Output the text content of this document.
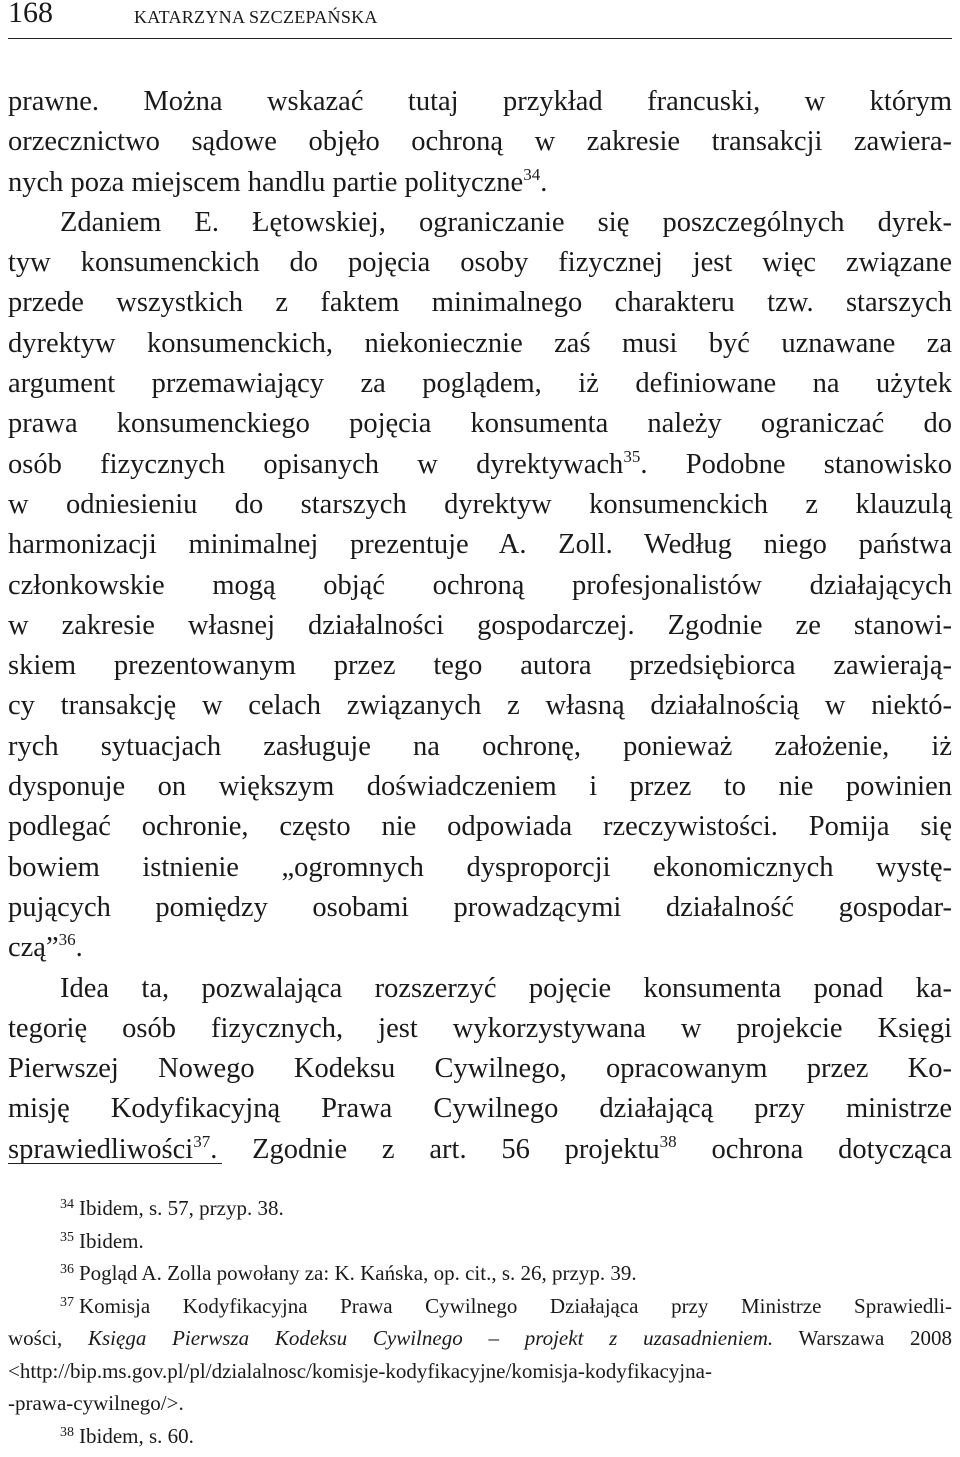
168	KATARZYNA SZCZEPAŃSKA

prawne. Można wskazać tutaj przykład francuski, w którym

orzecznictwo sądowe objęło ochroną w zakresie transakcji zawiera-

nych poza miejscem handlu partie polityczne$^{34}$.

Zdaniem E. Łętowskiej, ograniczanie się poszczególnych dyrek-

tyw konsumenckich do pojęcia osoby fizycznej jest więc związane

przede wszystkich z faktem minimalnego charakteru tzw. starszych

dyrektyw konsumenckich, niekoniecznie zaś musi być uznawane za

argument przemawiający za poglądem, iż definiowane na użytek

prawa konsumenckiego pojęcia konsumenta należy ograniczać do

osób fizycznych opisanych w dyrektywach$^{35}$. Podobne stanowisko

w odniesieniu do starszych dyrektyw konsumenckich z klauzulą

harmonizacji minimalnej prezentuje A. Zoll. Według niego państwa

członkowskie mogą objąć ochroną profesjonalistów działających

w zakresie własnej działalności gospodarczej. Zgodnie ze stanowi-

skiem prezentowanym przez tego autora przedsiębiorca zawierają-

cy transakcję w celach związanych z własną działalnością w niektó-

rych sytuacjach zasługuje na ochronę, ponieważ założenie, iż

dysponuje on większym doświadczeniem i przez to nie powinien

podlegać ochronie, często nie odpowiada rzeczywistości. Pomija się

bowiem istnienie „ogromnych dysproporcji ekonomicznych wystę-

pujących pomiędzy osobami prowadzącymi działalność gospodar-

czą”$^{36}$.

Idea ta, pozwalająca rozszerzyć pojęcie konsumenta ponad ka-

tegorię osób fizycznych, jest wykorzystywana w projekcie Księgi

Pierwszej Nowego Kodeksu Cywilnego, opracowanym przez Ko-

misję Kodyfikacyjną Prawa Cywilnego działającą przy ministrze

sprawiedliwości$^{37}$. Zgodnie z art. 56 projektu$^{38}$ ochrona dotycząca

$^{34}$ Ibidem, s. 57, przyp. 38.

$^{35}$ Ibidem.

$^{36}$ Pogląd A. Zolla powołany za: K. Kańska, op. cit., s. 26, przyp. 39.

$^{37}$ Komisja Kodyfikacyjna Prawa Cywilnego Działająca przy Ministrze Sprawiedli-

wości, Księga Pierwsza Kodeksu Cywilnego – projekt z uzasadnieniem. Warszawa 2008

<http://bip.ms.gov.pl/pl/dzialalnosc/komisje-kodyfikacyjne/komisja-kodyfikacyjna-

-prawa-cywilnego/>.

$^{38}$ Ibidem, s. 60.
